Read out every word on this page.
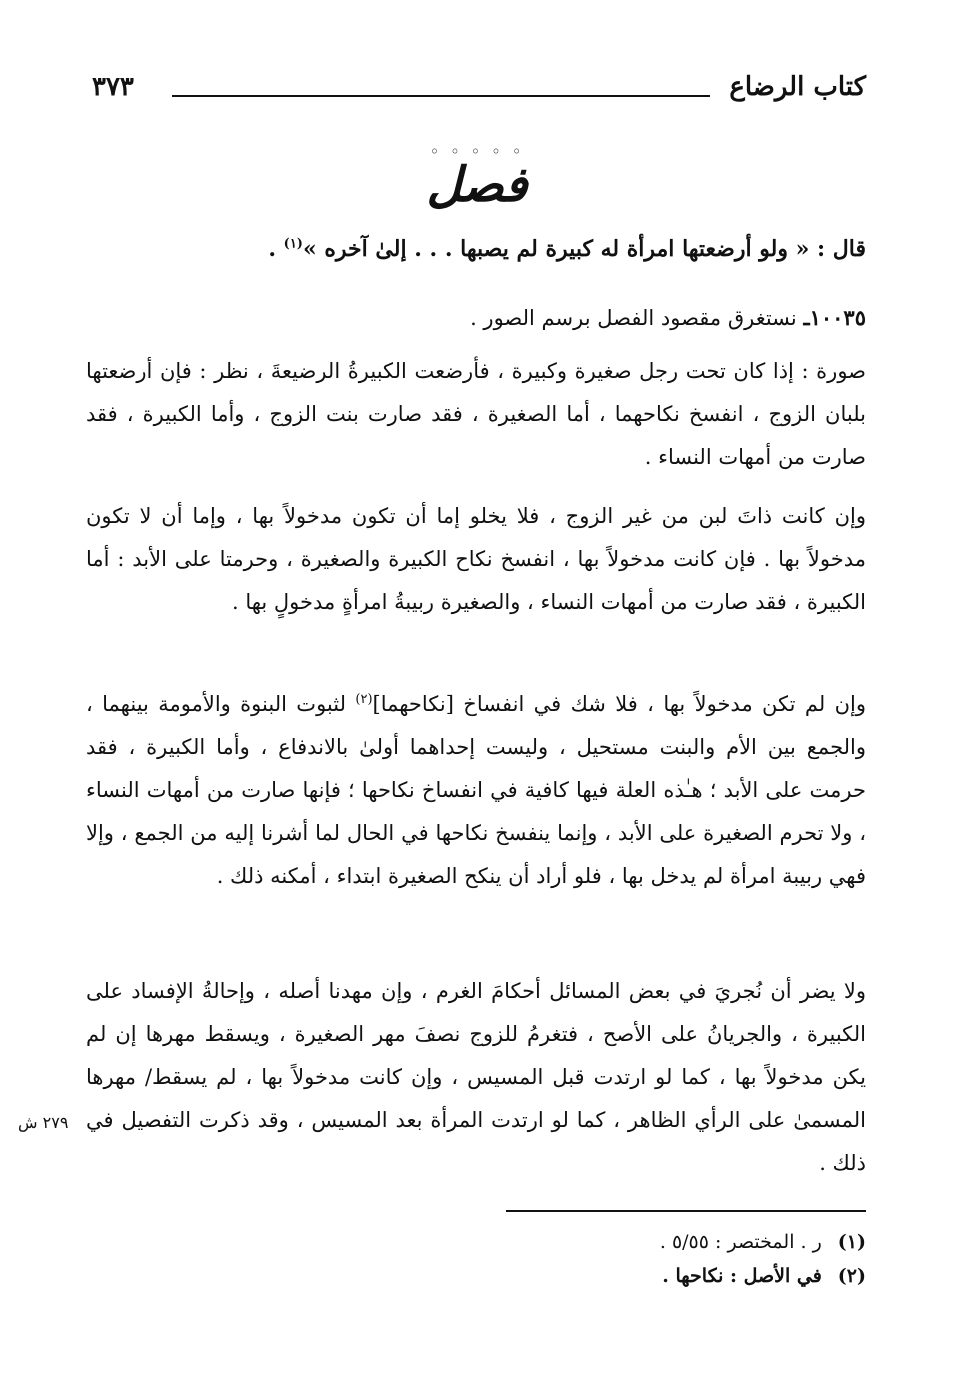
كتاب الرضاع
٣٧٣
◦ ◦ ◦ ◦ ◦
فصل
قال : « ولو أرضعتها امرأة له كبيرة لم يصبها . . . إلىٰ آخره »$^{(١)}$ .
١٠٠٣٥ـ نستغرق مقصود الفصل برسم الصور .
صورة : إذا كان تحت رجل صغيرة وكبيرة ، فأرضعت الكبيرةُ الرضيعةَ ، نظر : فإن أرضعتها بلبان الزوج ، انفسخ نكاحهما ، أما الصغيرة ، فقد صارت بنت الزوج ، وأما الكبيرة ، فقد صارت من أمهات النساء .
وإن كانت ذاتَ لبن من غير الزوج ، فلا يخلو إما أن تكون مدخولاً بها ، وإما أن لا تكون مدخولاً بها . فإن كانت مدخولاً بها ، انفسخ نكاح الكبيرة والصغيرة ، وحرمتا على الأبد : أما الكبيرة ، فقد صارت من أمهات النساء ، والصغيرة ربيبةُ امرأةٍ مدخولٍ بها .
وإن لم تكن مدخولاً بها ، فلا شك في انفساخ [نكاحهما]$^{(٢)}$ لثبوت البنوة والأمومة بينهما ، والجمع بين الأم والبنت مستحيل ، وليست إحداهما أولىٰ بالاندفاع ، وأما الكبيرة ، فقد حرمت على الأبد ؛ هـٰذه العلة فيها كافية في انفساخ نكاحها ؛ فإنها صارت من أمهات النساء ، ولا تحرم الصغيرة على الأبد ، وإنما ينفسخ نكاحها في الحال لما أشرنا إليه من الجمع ، وإلا فهي ربيبة امرأة لم يدخل بها ، فلو أراد أن ينكح الصغيرة ابتداء ، أمكنه ذلك .
ولا يضر أن نُجريَ في بعض المسائل أحكامَ الغرم ، وإن مهدنا أصله ، وإحالةُ الإفساد على الكبيرة ، والجريانُ على الأصح ، فتغرمُ للزوج نصفَ مهر الصغيرة ، ويسقط مهرها إن لم يكن مدخولاً بها ، كما لو ارتدت قبل المسيس ، وإن كانت مدخولاً بها ، لم يسقط/ مهرها المسمىٰ على الرأي الظاهر ، كما لو ارتدت المرأة بعد المسيس ، وقد ذكرت التفصيل في ذلك .
٢٧٩ ش
(١)ر . المختصر : ٥/٥٥ .
(٢)في الأصل : نكاحها .
